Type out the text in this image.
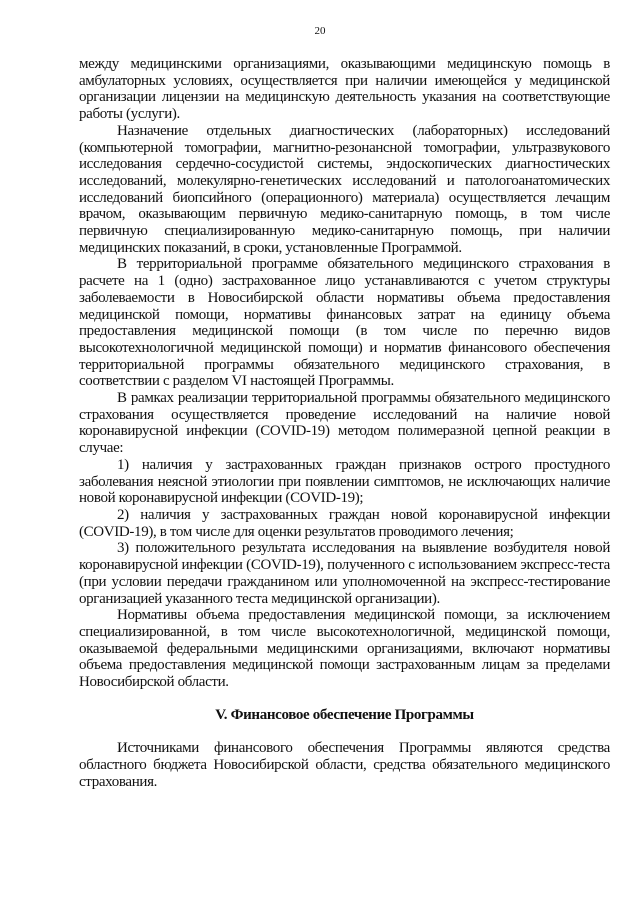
20

между медицинскими организациями, оказывающими медицинскую помощь в амбулаторных условиях, осуществляется при наличии имеющейся у медицинской организации лицензии на медицинскую деятельность указания на соответствующие работы (услуги).

Назначение отдельных диагностических (лабораторных) исследований (компьютерной томографии, магнитно-резонансной томографии, ультразвукового исследования сердечно-сосудистой системы, эндоскопических диагностических исследований, молекулярно-генетических исследований и патологоанатомических исследований биопсийного (операционного) материала) осуществляется лечащим врачом, оказывающим первичную медико-санитарную помощь, в том числе первичную специализированную медико-санитарную помощь, при наличии медицинских показаний, в сроки, установленные Программой.

В территориальной программе обязательного медицинского страхования в расчете на 1 (одно) застрахованное лицо устанавливаются с учетом структуры заболеваемости в Новосибирской области нормативы объема предоставления медицинской помощи, нормативы финансовых затрат на единицу объема предоставления медицинской помощи (в том числе по перечню видов высокотехнологичной медицинской помощи) и норматив финансового обеспечения территориальной программы обязательного медицинского страхования, в соответствии с разделом VI настоящей Программы.

В рамках реализации территориальной программы обязательного медицинского страхования осуществляется проведение исследований на наличие новой коронавирусной инфекции (COVID-19) методом полимеразной цепной реакции в случае:

1) наличия у застрахованных граждан признаков острого простудного заболевания неясной этиологии при появлении симптомов, не исключающих наличие новой коронавирусной инфекции (COVID-19);

2) наличия у застрахованных граждан новой коронавирусной инфекции (COVID-19), в том числе для оценки результатов проводимого лечения;

3) положительного результата исследования на выявление возбудителя новой коронавирусной инфекции (COVID-19), полученного с использованием экспресс-теста (при условии передачи гражданином или уполномоченной на экспресс-тестирование организацией указанного теста медицинской организации).

Нормативы объема предоставления медицинской помощи, за исключением специализированной, в том числе высокотехнологичной, медицинской помощи, оказываемой федеральными медицинскими организациями, включают нормативы объема предоставления медицинской помощи застрахованным лицам за пределами Новосибирской области.

V. Финансовое обеспечение Программы

Источниками финансового обеспечения Программы являются средства областного бюджета Новосибирской области, средства обязательного медицинского страхования.
